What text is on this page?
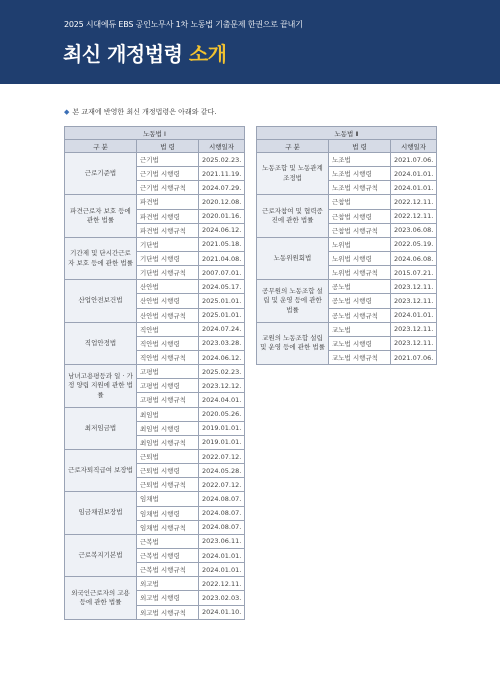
2025 시대에듀 EBS 공인노무사 1차 노동법 기출문제 한권으로 끝내기
최신 개정법령 소개
◆ 본 교재에 반영한 최신 개정법령은 아래와 같다.
노동법 Ⅰ		
구 분	법 령	시행일자
근로기준법	근기법	2025.02.23.
	근기법 시행령	2021.11.19.
	근기법 시행규칙	2024.07.29.
파견근로자 보호 등에 관한 법률	파견법	2020.12.08.
	파견법 시행령	2020.01.16.
	파견법 시행규칙	2024.06.12.
기간제 및 단시간근로자 보호 등에 관한 법률	기단법	2021.05.18.
	기단법 시행령	2021.04.08.
	기단법 시행규칙	2007.07.01.
산업안전보건법	산안법	2024.05.17.
	산안법 시행령	2025.01.01.
	산안법 시행규칙	2025.01.01.
직업안정법	직안법	2024.07.24.
	직안법 시행령	2023.03.28.
	직안법 시행규칙	2024.06.12.
남녀고용평등과 일 · 가정 양립 지원에 관한 법률	고평법	2025.02.23.
	고평법 시행령	2023.12.12.
	고평법 시행규칙	2024.04.01.
최저임금법	최임법	2020.05.26.
	최임법 시행령	2019.01.01.
	최임법 시행규칙	2019.01.01.
근로자퇴직급여 보장법	근퇴법	2022.07.12.
	근퇴법 시행령	2024.05.28.
	근퇴법 시행규칙	2022.07.12.
임금채권보장법	임채법	2024.08.07.
	임채법 시행령	2024.08.07.
	임채법 시행규칙	2024.08.07.
근로복지기본법	근복법	2023.06.11.
	근복법 시행령	2024.01.01.
	근복법 시행규칙	2024.01.01.
외국인근로자의 고용 등에 관한 법률	외고법	2022.12.11.
	외고법 시행령	2023.02.03.
	외고법 시행규칙	2024.01.10.
노동법 Ⅱ		
구 분	법 령	시행일자
노동조합 및 노동관계조정법	노조법	2021.07.06.
	노조법 시행령	2024.01.01.
	노조법 시행규칙	2024.01.01.
근로자참여 및 협력증진에 관한 법률	근참법	2022.12.11.
	근참법 시행령	2022.12.11.
	근참법 시행규칙	2023.06.08.
노동위원회법	노위법	2022.05.19.
	노위법 시행령	2024.06.08.
	노위법 시행규칙	2015.07.21.
공무원의 노동조합 설립 및 운영 등에 관한 법률	공노법	2023.12.11.
	공노법 시행령	2023.12.11.
	공노법 시행규칙	2024.01.01.
교원의 노동조합 설립 및 운영 등에 관한 법률	교노법	2023.12.11.
	교노법 시행령	2023.12.11.
	교노법 시행규칙	2021.07.06.
